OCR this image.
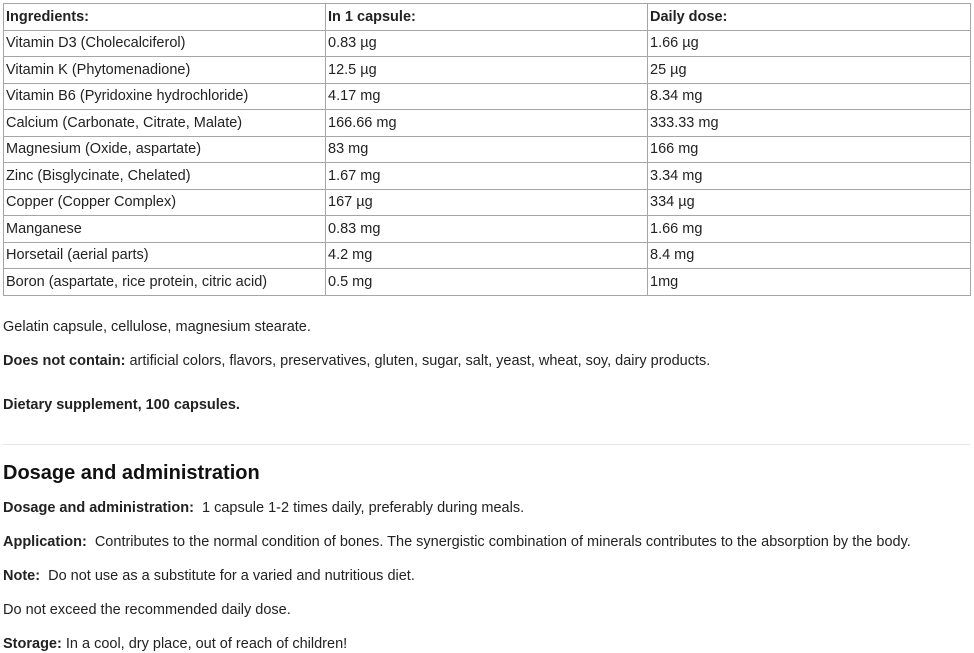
Ingredients:	In 1 capsule:	Daily dose:
Vitamin D3 (Cholecalciferol)	0.83 µg	1.66 µg
Vitamin K (Phytomenadione)	12.5 µg	25 µg
Vitamin B6 (Pyridoxine hydrochloride)	4.17 mg	8.34 mg
Calcium (Carbonate, Citrate, Malate)	166.66 mg	333.33 mg
Magnesium (Oxide, aspartate)	83 mg	166 mg
Zinc (Bisglycinate, Chelated)	1.67 mg	3.34 mg
Copper (Copper Complex)	167 µg	334 µg
Manganese	0.83 mg	1.66 mg
Horsetail (aerial parts)	4.2 mg	8.4 mg
Boron (aspartate, rice protein, citric acid)	0.5 mg	1mg

Gelatin capsule, cellulose, magnesium stearate.

Does not contain: artificial colors, flavors, preservatives, gluten, sugar, salt, yeast, wheat, soy, dairy products.

Dietary supplement, 100 capsules.

Dosage and administration

Dosage and administration:  1 capsule 1-2 times daily, preferably during meals.

Application:  Contributes to the normal condition of bones. The synergistic combination of minerals contributes to the absorption by the body.

Note:  Do not use as a substitute for a varied and nutritious diet.

Do not exceed the recommended daily dose.

Storage: In a cool, dry place, out of reach of children!
